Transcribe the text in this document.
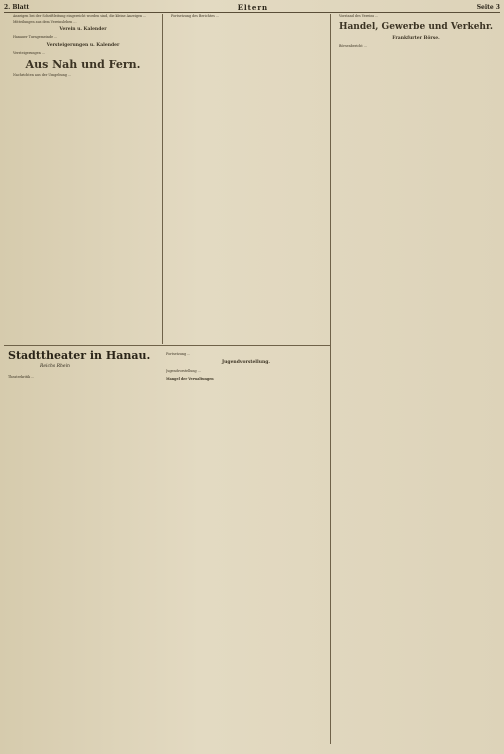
2. Blatt	Eltern	Seite 3

Anzeigen bei der Schriftleitung eingereicht worden sind, die kleine Anzeigen ...

Mitteilungen aus dem Vereinsleben ...

Verein u. Kalender

Hanauer Turngemeinde ...

Versteigerungen u. Kalender

Versteigerungen ...

Aus Nah und Fern.

Nachrichten aus der Umgebung ...

Fortsetzung des Berichtes ...	Vorstand des Vereins ...

Handel, Gewerbe und Verkehr.
Frankfurter Börse.

Börsenbericht ...

Stadttheater in Hanau.
Reichs Rhein

Theaterkritik ...

Fortsetzung ...

Jugendvorstellung.

Jugendvorstellung ...

Mangel der Verwaltungen
